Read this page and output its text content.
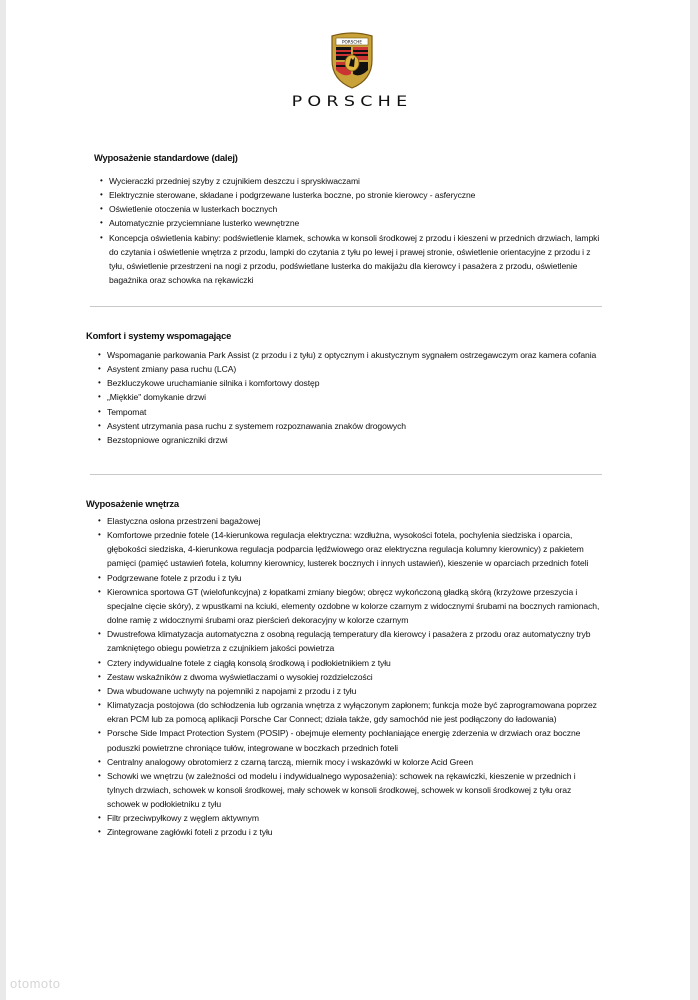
PORSCHE
PORSCHE
Wyposażenie standardowe (dalej)
• Wycieraczki przedniej szyby z czujnikiem deszczu i spryskiwaczami
• Elektrycznie sterowane, składane i podgrzewane lusterka boczne, po stronie kierowcy - asferyczne
• Oświetlenie otoczenia w lusterkach bocznych
• Automatycznie przyciemniane lusterko wewnętrzne
• Koncepcja oświetlenia kabiny: podświetlenie klamek, schowka w konsoli środkowej z przodu i kieszeni w przednich drzwiach, lampki do czytania i oświetlenie wnętrza z przodu, lampki do czytania z tyłu po lewej i prawej stronie, oświetlenie orientacyjne z przodu i z tyłu, oświetlenie przestrzeni na nogi z przodu, podświetlane lusterka do makijażu dla kierowcy i pasażera z przodu, oświetlenie bagażnika oraz schowka na rękawiczki
Komfort i systemy wspomagające
• Wspomaganie parkowania Park Assist (z przodu i z tyłu) z optycznym i akustycznym sygnałem ostrzegawczym oraz kamera cofania
• Asystent zmiany pasa ruchu (LCA)
• Bezkluczykowe uruchamianie silnika i komfortowy dostęp
• „Miękkie" domykanie drzwi
• Tempomat
• Asystent utrzymania pasa ruchu z systemem rozpoznawania znaków drogowych
• Bezstopniowe ograniczniki drzwi
Wyposażenie wnętrza
• Elastyczna osłona przestrzeni bagażowej
• Komfortowe przednie fotele (14-kierunkowa regulacja elektryczna: wzdłużna, wysokości fotela, pochylenia siedziska i oparcia, głębokości siedziska, 4-kierunkowa regulacja podparcia lędźwiowego oraz elektryczna regulacja kolumny kierownicy) z pakietem pamięci (pamięć ustawień fotela, kolumny kierownicy, lusterek bocznych i innych ustawień), kieszenie w oparciach przednich foteli
• Podgrzewane fotele z przodu i z tyłu
• Kierownica sportowa GT (wielofunkcyjna) z łopatkami zmiany biegów; obręcz wykończoną gładką skórą (krzyżowe przeszycia i specjalne cięcie skóry), z wpustkami na kciuki, elementy ozdobne w kolorze czarnym z widocznymi śrubami na bocznych ramionach, dolne ramię z widocznymi śrubami oraz pierścień dekoracyjny w kolorze czarnym
• Dwustrefowa klimatyzacja automatyczna z osobną regulacją temperatury dla kierowcy i pasażera z przodu oraz automatyczny tryb zamkniętego obiegu powietrza z czujnikiem jakości powietrza
• Cztery indywidualne fotele z ciągłą konsolą środkową i podłokietnikiem z tyłu
• Zestaw wskaźników z dwoma wyświetlaczami o wysokiej rozdzielczości
• Dwa wbudowane uchwyty na pojemniki z napojami z przodu i z tyłu
• Klimatyzacja postojowa (do schłodzenia lub ogrzania wnętrza z wyłączonym zapłonem; funkcja może być zaprogramowana poprzez ekran PCM lub za pomocą aplikacji Porsche Car Connect; działa także, gdy samochód nie jest podłączony do ładowania)
• Porsche Side Impact Protection System (POSIP) - obejmuje elementy pochłaniające energię zderzenia w drzwiach oraz boczne poduszki powietrzne chroniące tułów, integrowane w boczkach przednich foteli
• Centralny analogowy obrotomierz z czarną tarczą, miernik mocy i wskazówki w kolorze Acid Green
• Schowki we wnętrzu (w zależności od modelu i indywidualnego wyposażenia): schowek na rękawiczki, kieszenie w przednich i tylnych drzwiach, schowek w konsoli środkowej, mały schowek w konsoli środkowej, schowek w konsoli środkowej z tyłu oraz schowek w podłokietniku z tyłu
• Filtr przeciwpyłkowy z węglem aktywnym
• Zintegrowane zagłówki foteli z przodu i z tyłu
otomoto
